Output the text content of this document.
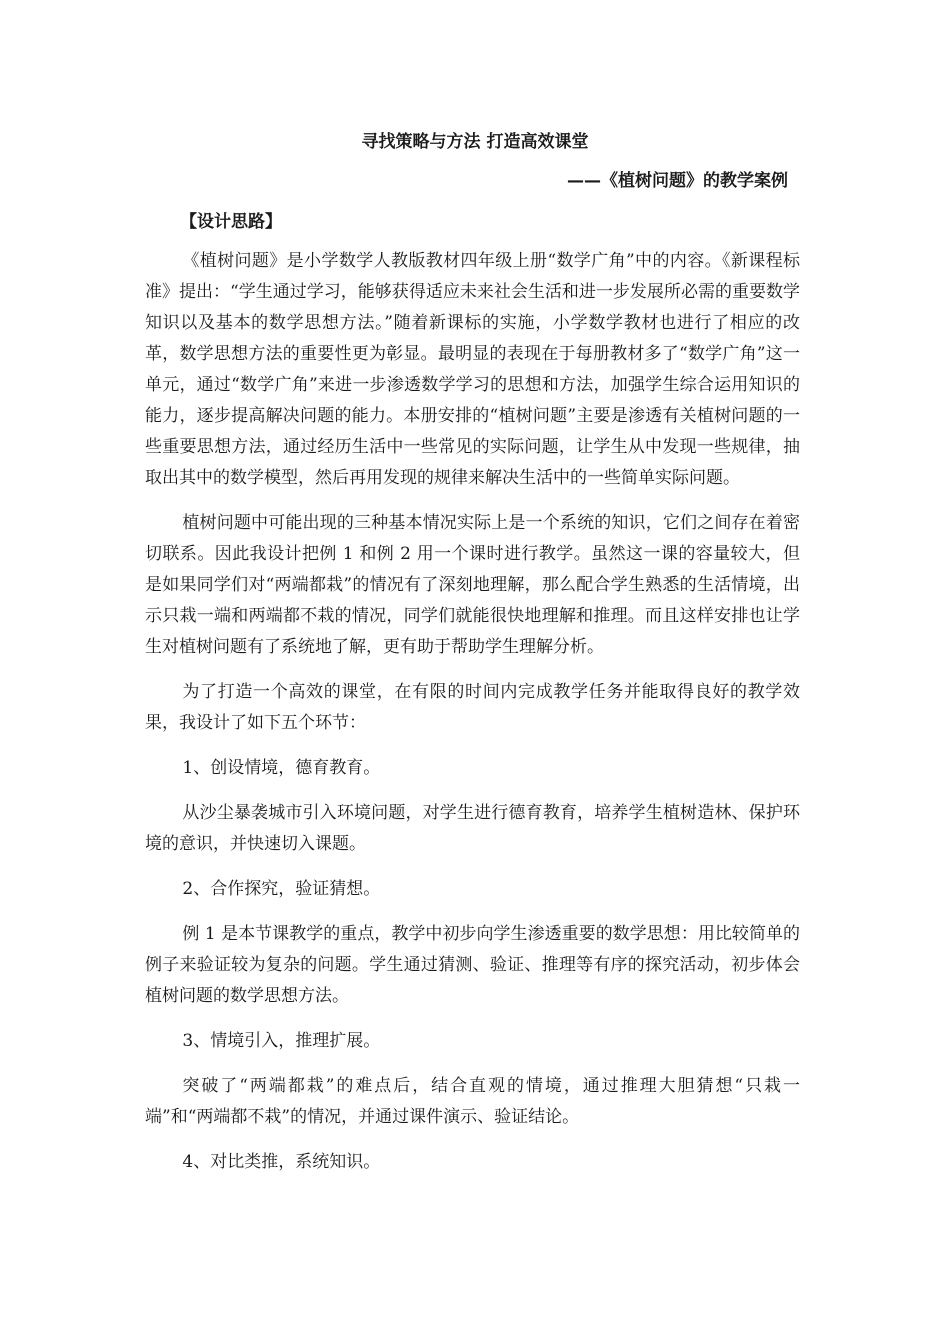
寻找策略与方法 打造高效课堂
——《植树问题》的教学案例
【设计思路】

《植树问题》是小学数学人教版教材四年级上册“数学广角”中的内容。《新课程标准》提出：“学生通过学习，能够获得适应未来社会生活和进一步发展所必需的重要数学知识以及基本的数学思想方法。”随着新课标的实施，小学数学教材也进行了相应的改革，数学思想方法的重要性更为彰显。最明显的表现在于每册教材多了“数学广角”这一单元，通过“数学广角”来进一步渗透数学学习的思想和方法，加强学生综合运用知识的能力，逐步提高解决问题的能力。本册安排的“植树问题”主要是渗透有关植树问题的一些重要思想方法，通过经历生活中一些常见的实际问题，让学生从中发现一些规律，抽取出其中的数学模型，然后再用发现的规律来解决生活中的一些简单实际问题。

植树问题中可能出现的三种基本情况实际上是一个系统的知识，它们之间存在着密切联系。因此我设计把例 1 和例 2 用一个课时进行教学。虽然这一课的容量较大，但是如果同学们对“两端都栽”的情况有了深刻地理解，那么配合学生熟悉的生活情境，出示只栽一端和两端都不栽的情况，同学们就能很快地理解和推理。而且这样安排也让学生对植树问题有了系统地了解，更有助于帮助学生理解分析。

为了打造一个高效的课堂，在有限的时间内完成教学任务并能取得良好的教学效果，我设计了如下五个环节：

1、创设情境，德育教育。

从沙尘暴袭城市引入环境问题，对学生进行德育教育，培养学生植树造林、保护环境的意识，并快速切入课题。

2、合作探究，验证猜想。

例 1 是本节课教学的重点，教学中初步向学生渗透重要的数学思想：用比较简单的例子来验证较为复杂的问题。学生通过猜测、验证、推理等有序的探究活动，初步体会植树问题的数学思想方法。

3、情境引入，推理扩展。

突破了“两端都栽”的难点后，结合直观的情境，通过推理大胆猜想“只栽一端”和“两端都不栽”的情况，并通过课件演示、验证结论。

4、对比类推，系统知识。
